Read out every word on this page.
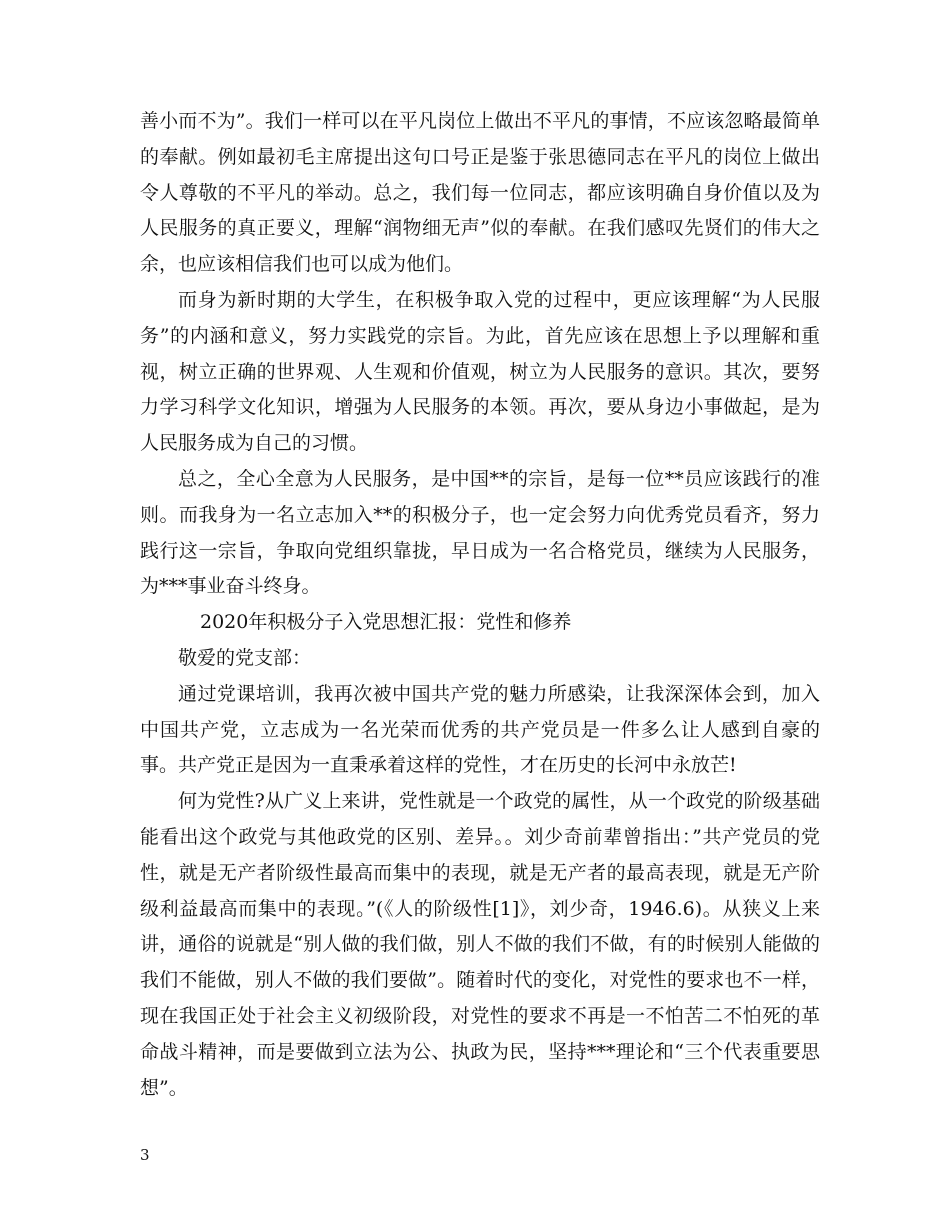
善小而不为”。我们一样可以在平凡岗位上做出不平凡的事情，不应该忽略最简单的奉献。例如最初毛主席提出这句口号正是鉴于张思德同志在平凡的岗位上做出令人尊敬的不平凡的举动。总之，我们每一位同志，都应该明确自身价值以及为人民服务的真正要义，理解“润物细无声”似的奉献。在我们感叹先贤们的伟大之余，也应该相信我们也可以成为他们。

而身为新时期的大学生，在积极争取入党的过程中，更应该理解“为人民服务”的内涵和意义，努力实践党的宗旨。为此，首先应该在思想上予以理解和重视，树立正确的世界观、人生观和价值观，树立为人民服务的意识。其次，要努力学习科学文化知识，增强为人民服务的本领。再次，要从身边小事做起，是为人民服务成为自己的习惯。

总之，全心全意为人民服务，是中国**的宗旨，是每一位**员应该践行的准则。而我身为一名立志加入**的积极分子，也一定会努力向优秀党员看齐，努力践行这一宗旨，争取向党组织靠拢，早日成为一名合格党员，继续为人民服务，为***事业奋斗终身。

2020年积极分子入党思想汇报：党性和修养

敬爱的党支部：

通过党课培训，我再次被中国共产党的魅力所感染，让我深深体会到，加入中国共产党，立志成为一名光荣而优秀的共产党员是一件多么让人感到自豪的事。共产党正是因为一直秉承着这样的党性，才在历史的长河中永放芒!

何为党性?从广义上来讲，党性就是一个政党的属性，从一个政党的阶级基础能看出这个政党与其他政党的区别、差异。。刘少奇前辈曾指出：”共产党员的党性，就是无产者阶级性最高而集中的表现，就是无产者的最高表现，就是无产阶级利益最高而集中的表现。”(《人的阶级性[1]》，刘少奇，1946.6)。从狭义上来讲，通俗的说就是“别人做的我们做，别人不做的我们不做，有的时候别人能做的我们不能做，别人不做的我们要做”。随着时代的变化，对党性的要求也不一样，现在我国正处于社会主义初级阶段，对党性的要求不再是一不怕苦二不怕死的革命战斗精神，而是要做到立法为公、执政为民，坚持***理论和“三个代表重要思想”。

3
